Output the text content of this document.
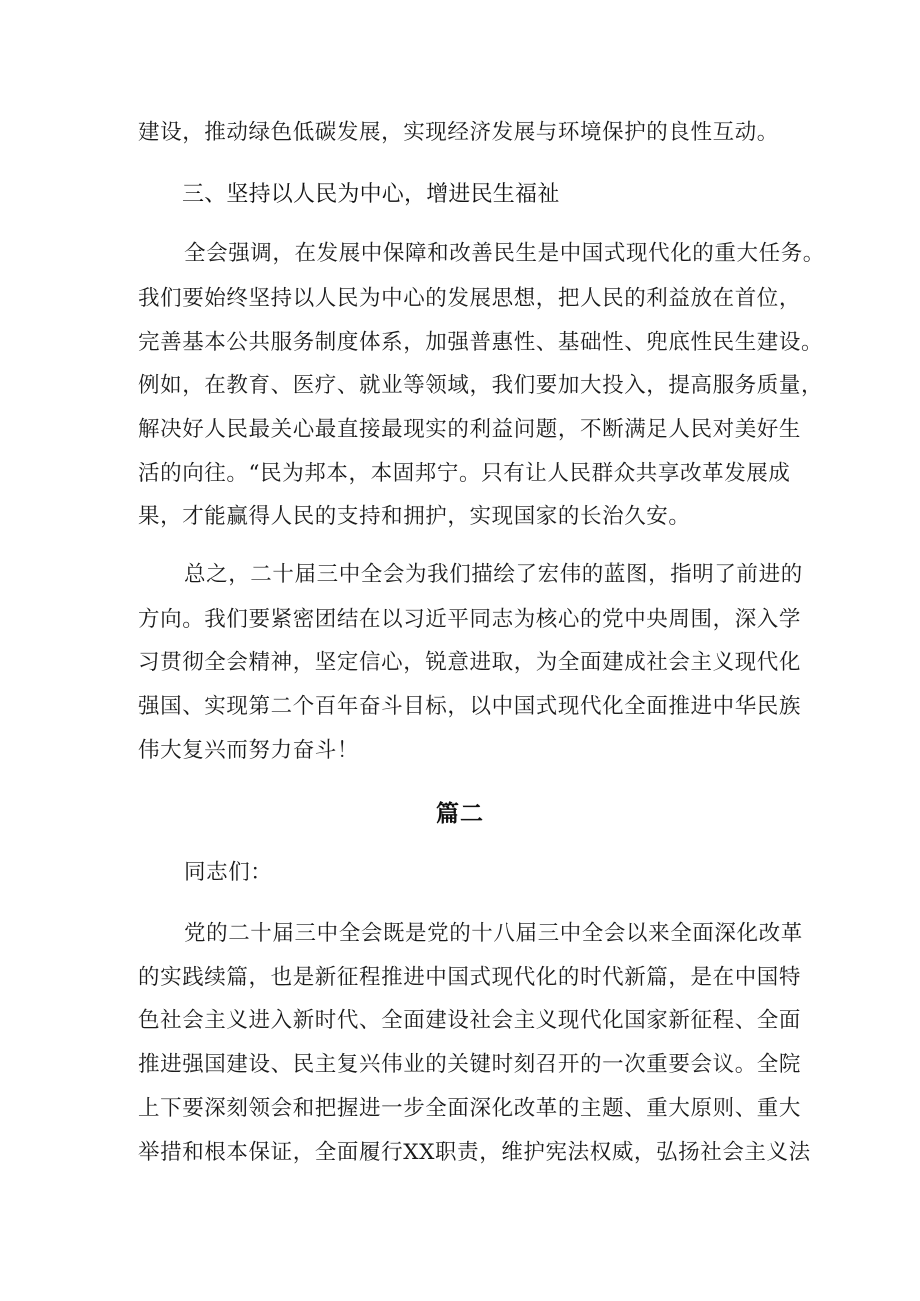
建设，推动绿色低碳发展，实现经济发展与环境保护的良性互动。
三、坚持以人民为中心，增进民生福祉
全会强调，在发展中保障和改善民生是中国式现代化的重大任务。
我们要始终坚持以人民为中心的发展思想，把人民的利益放在首位，
完善基本公共服务制度体系，加强普惠性、基础性、兜底性民生建设。
例如，在教育、医疗、就业等领域，我们要加大投入，提高服务质量，
解决好人民最关心最直接最现实的利益问题，不断满足人民对美好生
活的向往。“民为邦本，本固邦宁。只有让人民群众共享改革发展成
果，才能赢得人民的支持和拥护，实现国家的长治久安。
总之，二十届三中全会为我们描绘了宏伟的蓝图，指明了前进的
方向。我们要紧密团结在以习近平同志为核心的党中央周围，深入学
习贯彻全会精神，坚定信心，锐意进取，为全面建成社会主义现代化
强国、实现第二个百年奋斗目标，以中国式现代化全面推进中华民族
伟大复兴而努力奋斗！
篇二
同志们：
党的二十届三中全会既是党的十八届三中全会以来全面深化改革
的实践续篇，也是新征程推进中国式现代化的时代新篇，是在中国特
色社会主义进入新时代、全面建设社会主义现代化国家新征程、全面
推进强国建设、民主复兴伟业的关键时刻召开的一次重要会议。全院
上下要深刻领会和把握进一步全面深化改革的主题、重大原则、重大
举措和根本保证，全面履行XX职责，维护宪法权威，弘扬社会主义法
